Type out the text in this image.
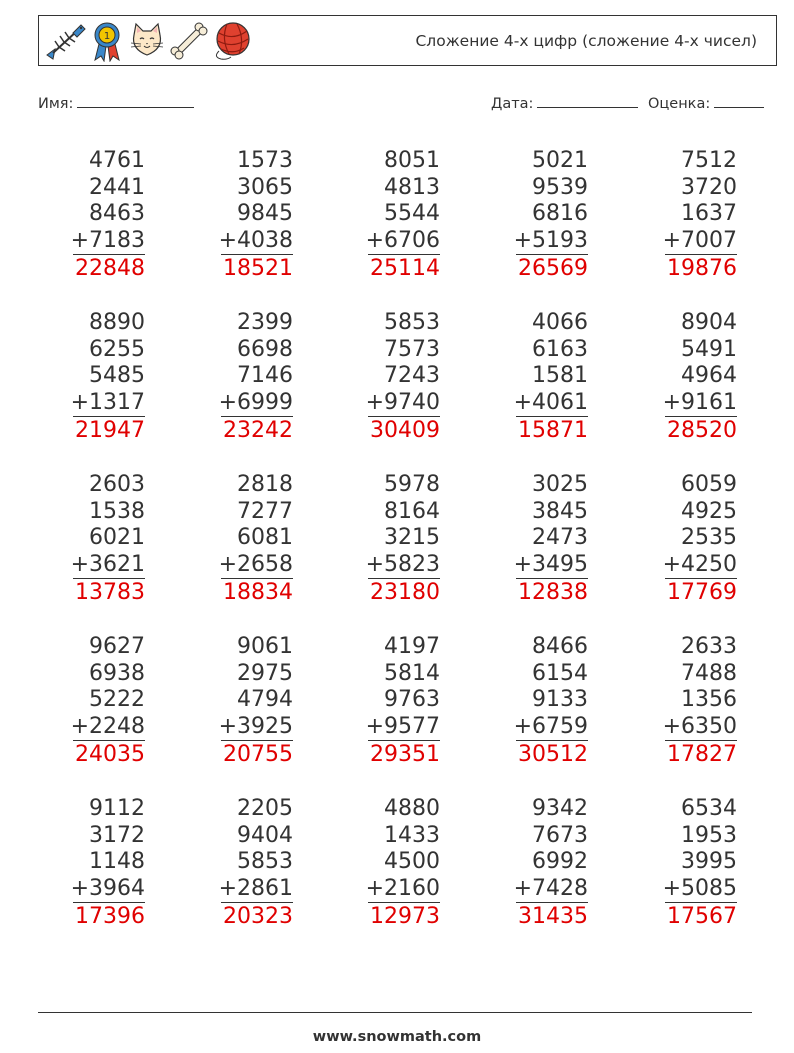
1	Сложение 4-х цифр (сложение 4-х чисел)
Имя:	Дата:	Оценка:
4761
2441
8463
+7183
22848
1573
3065
9845
+4038
18521
8051
4813
5544
+6706
25114
5021
9539
6816
+5193
26569
7512
3720
1637
+7007
19876
8890
6255
5485
+1317
21947
2399
6698
7146
+6999
23242
5853
7573
7243
+9740
30409
4066
6163
1581
+4061
15871
8904
5491
4964
+9161
28520
2603
1538
6021
+3621
13783
2818
7277
6081
+2658
18834
5978
8164
3215
+5823
23180
3025
3845
2473
+3495
12838
6059
4925
2535
+4250
17769
9627
6938
5222
+2248
24035
9061
2975
4794
+3925
20755
4197
5814
9763
+9577
29351
8466
6154
9133
+6759
30512
2633
7488
1356
+6350
17827
9112
3172
1148
+3964
17396
2205
9404
5853
+2861
20323
4880
1433
4500
+2160
12973
9342
7673
6992
+7428
31435
6534
1953
3995
+5085
17567
www.snowmath.com
